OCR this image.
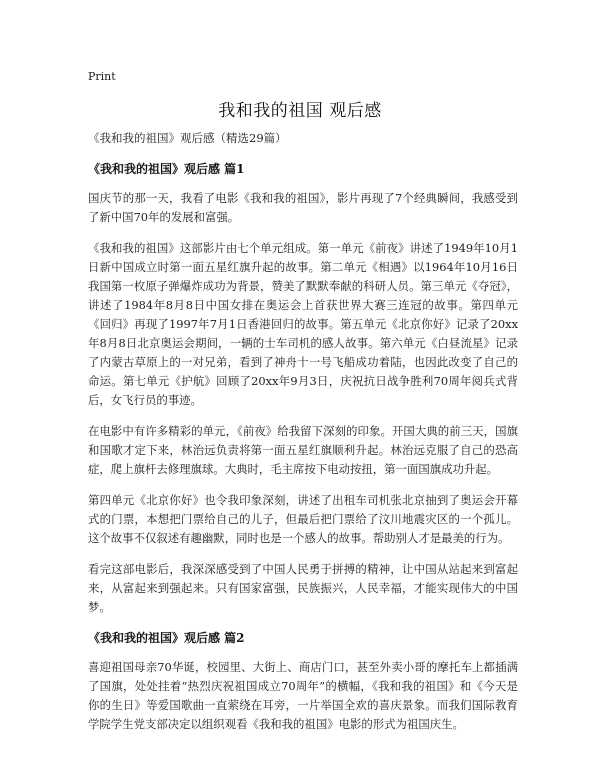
Print
我和我的祖国 观后感
《我和我的祖国》观后感（精选29篇）
《我和我的祖国》观后感 篇1

国庆节的那一天，我看了电影《我和我的祖国》，影片再现了7个经典瞬间，我感受到了新中国70年的发展和富强。

《我和我的祖国》这部影片由七个单元组成。第一单元《前夜》讲述了1949年10月1日新中国成立时第一面五星红旗升起的故事。第二单元《相遇》以1964年10月16日我国第一枚原子弹爆炸成功为背景，赞美了默默奉献的科研人员。第三单元《夺冠》，讲述了1984年8月8日中国女排在奥运会上首获世界大赛三连冠的故事。第四单元《回归》再现了1997年7月1日香港回归的故事。第五单元《北京你好》记录了20xx年8月8日北京奥运会期间，一辆的士车司机的感人故事。第六单元《白昼流星》记录了内蒙古草原上的一对兄弟，看到了神舟十一号飞船成功着陆，也因此改变了自己的命运。第七单元《护航》回顾了20xx年9月3日，庆祝抗日战争胜利70周年阅兵式背后，女飞行员的事迹。

在电影中有许多精彩的单元，《前夜》给我留下深刻的印象。开国大典的前三天，国旗和国歌才定下来，林治远负责将第一面五星红旗顺利升起。林治远克服了自己的恐高症，爬上旗杆去修理旗球。大典时，毛主席按下电动按扭，第一面国旗成功升起。

第四单元《北京你好》也令我印象深刻，讲述了出租车司机张北京抽到了奥运会开幕式的门票，本想把门票给自己的儿子，但最后把门票给了汶川地震灾区的一个孤儿。这个故事不仅叙述有趣幽默，同时也是一个感人的故事。帮助别人才是最美的行为。

看完这部电影后，我深深感受到了中国人民勇于拼搏的精神，让中国从站起来到富起来，从富起来到强起来。只有国家富强，民族振兴，人民幸福，才能实现伟大的中国梦。

《我和我的祖国》观后感 篇2

喜迎祖国母亲70华诞，校园里、大街上、商店门口，甚至外卖小哥的摩托车上都插满了国旗，处处挂着“热烈庆祝祖国成立70周年”的横幅，《我和我的祖国》和《今天是你的生日》等爱国歌曲一直萦绕在耳旁，一片举国全欢的喜庆景象。而我们国际教育学院学生党支部决定以组织观看《我和我的祖国》电影的形式为祖国庆生。
